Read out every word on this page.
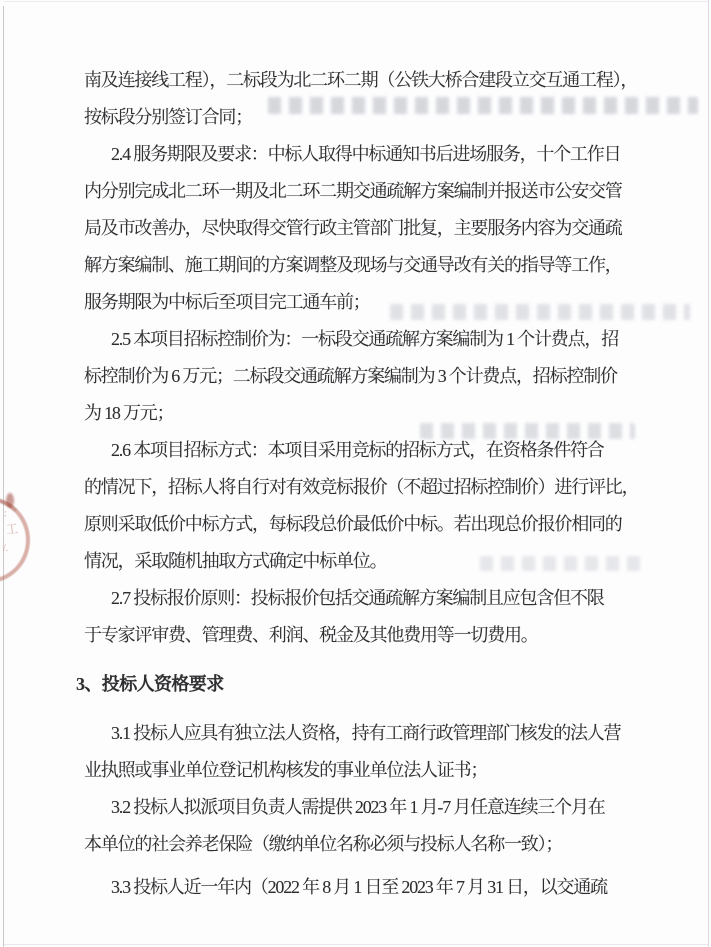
：
工
/.

南及连接线工程），二标段为北二环二期（公铁大桥合建段立交互通工程），

按标段分别签订合同；

2.4 服务期限及要求：中标人取得中标通知书后进场服务，十个工作日

内分别完成北二环一期及北二环二期交通疏解方案编制并报送市公安交管

局及市改善办，尽快取得交管行政主管部门批复，主要服务内容为交通疏

解方案编制、施工期间的方案调整及现场与交通导改有关的指导等工作，

服务期限为中标后至项目完工通车前；

2.5 本项目招标控制价为：一标段交通疏解方案编制为 1 个计费点，招

标控制价为 6 万元；二标段交通疏解方案编制为 3 个计费点，招标控制价

为 18 万元；

2.6 本项目招标方式：本项目采用竞标的招标方式，在资格条件符合

的情况下，招标人将自行对有效竞标报价（不超过招标控制价）进行评比，

原则采取低价中标方式，每标段总价最低价中标。若出现总价报价相同的

情况，采取随机抽取方式确定中标单位。

2.7 投标报价原则：投标报价包括交通疏解方案编制且应包含但不限

于专家评审费、管理费、利润、税金及其他费用等一切费用。

3、投标人资格要求

3.1 投标人应具有独立法人资格，持有工商行政管理部门核发的法人营

业执照或事业单位登记机构核发的事业单位法人证书；

3.2 投标人拟派项目负责人需提供 2023 年 1 月-7 月任意连续三个月在

本单位的社会养老保险（缴纳单位名称必须与投标人名称一致）；

3.3 投标人近一年内（2022 年 8 月 1 日至 2023 年 7 月 31 日，以交通疏
